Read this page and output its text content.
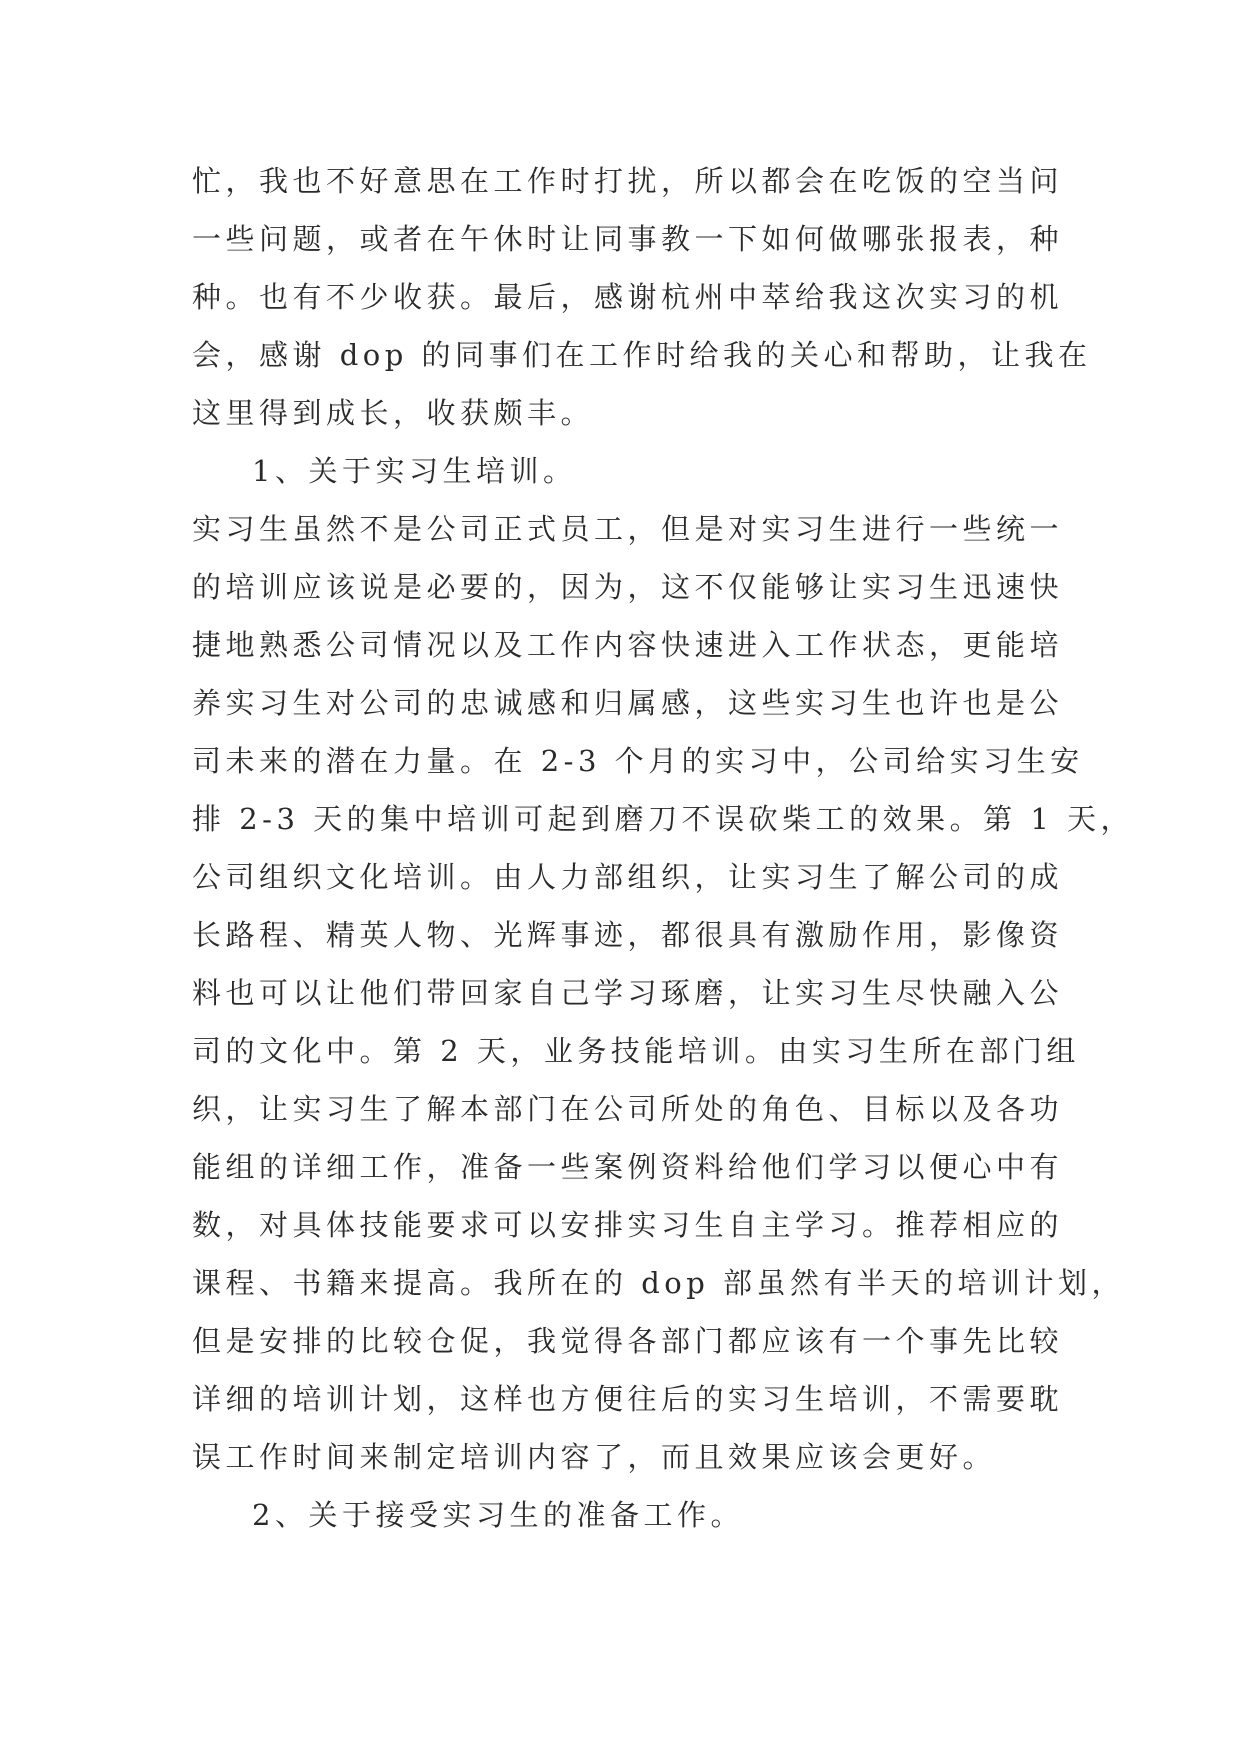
忙，我也不好意思在工作时打扰，所以都会在吃饭的空当问
一些问题，或者在午休时让同事教一下如何做哪张报表，种
种。也有不少收获。最后，感谢杭州中萃给我这次实习的机
会，感谢 dop 的同事们在工作时给我的关心和帮助，让我在
这里得到成长，收获颇丰。
1、关于实习生培训。
实习生虽然不是公司正式员工，但是对实习生进行一些统一
的培训应该说是必要的，因为，这不仅能够让实习生迅速快
捷地熟悉公司情况以及工作内容快速进入工作状态，更能培
养实习生对公司的忠诚感和归属感，这些实习生也许也是公
司未来的潜在力量。在 2-3 个月的实习中，公司给实习生安
排 2-3 天的集中培训可起到磨刀不误砍柴工的效果。第 1 天，
公司组织文化培训。由人力部组织，让实习生了解公司的成
长路程、精英人物、光辉事迹，都很具有激励作用，影像资
料也可以让他们带回家自己学习琢磨，让实习生尽快融入公
司的文化中。第 2 天，业务技能培训。由实习生所在部门组
织，让实习生了解本部门在公司所处的角色、目标以及各功
能组的详细工作，准备一些案例资料给他们学习以便心中有
数，对具体技能要求可以安排实习生自主学习。推荐相应的
课程、书籍来提高。我所在的 dop 部虽然有半天的培训计划，
但是安排的比较仓促，我觉得各部门都应该有一个事先比较
详细的培训计划，这样也方便往后的实习生培训，不需要耽
误工作时间来制定培训内容了，而且效果应该会更好。
2、关于接受实习生的准备工作。
